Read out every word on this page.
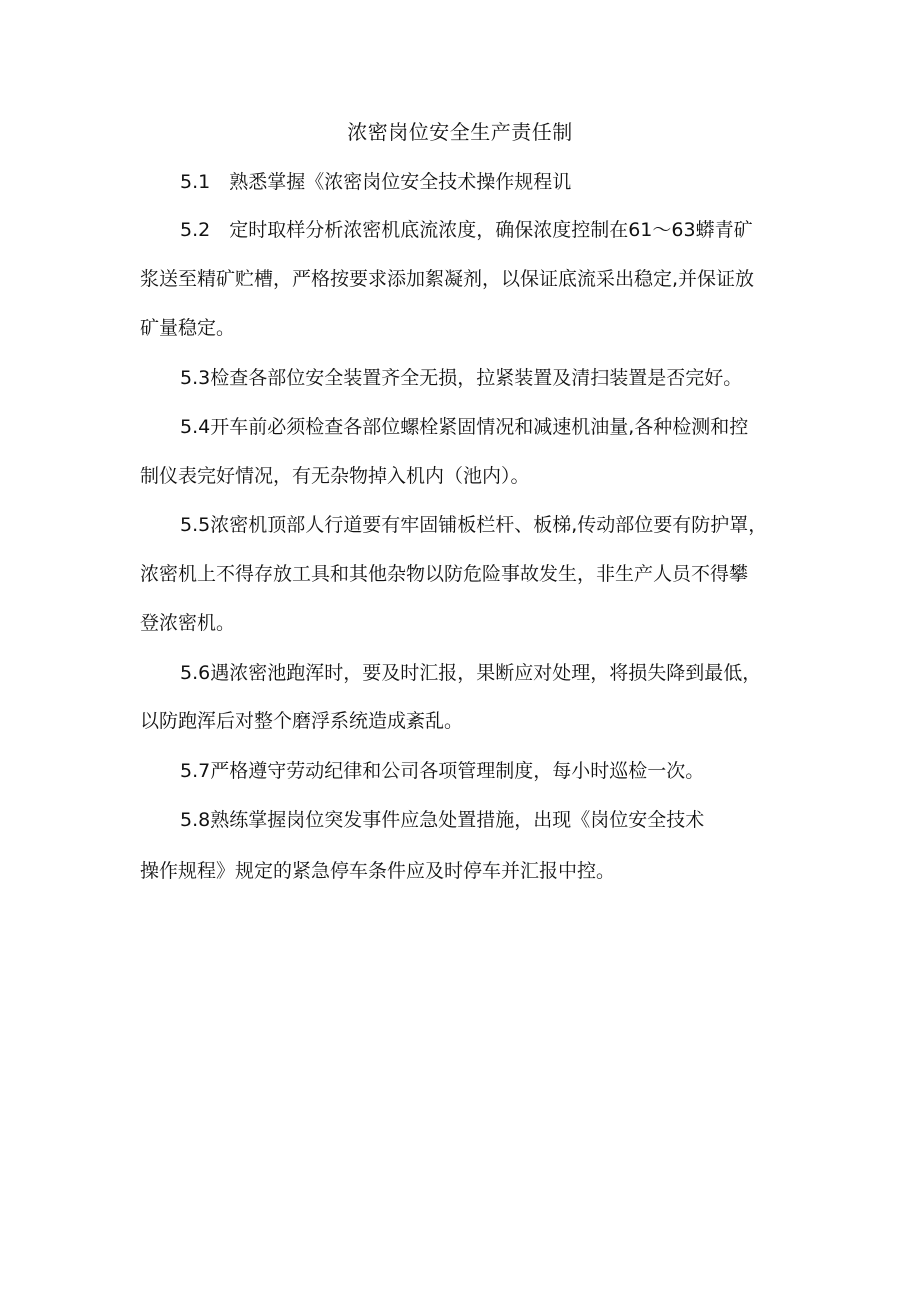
浓密岗位安全生产责任制

5.1　熟悉掌握《浓密岗位安全技术操作规程讥

5.2　定时取样分析浓密机底流浓度，确保浓度控制在61〜63蟒青矿

浆送至精矿贮槽，严格按要求添加絮凝剂，以保证底流采出稳定,并保证放

矿量稳定。

5.3检查各部位安全装置齐全无损，拉紧装置及清扫装置是否完好。

5.4开车前必须检查各部位螺栓紧固情况和减速机油量,各种检测和控

制仪表完好情况，有无杂物掉入机内（池内）。

5.5浓密机顶部人行道要有牢固铺板栏杆、板梯,传动部位要有防护罩，

浓密机上不得存放工具和其他杂物以防危险事故发生，非生产人员不得攀

登浓密机。

5.6遇浓密池跑浑时，要及时汇报，果断应对处理，将损失降到最低，

以防跑浑后对整个磨浮系统造成紊乱。

5.7严格遵守劳动纪律和公司各项管理制度，每小时巡检一次。

5.8熟练掌握岗位突发事件应急处置措施，出现《岗位安全技术

操作规程》规定的紧急停车条件应及时停车并汇报中控。
